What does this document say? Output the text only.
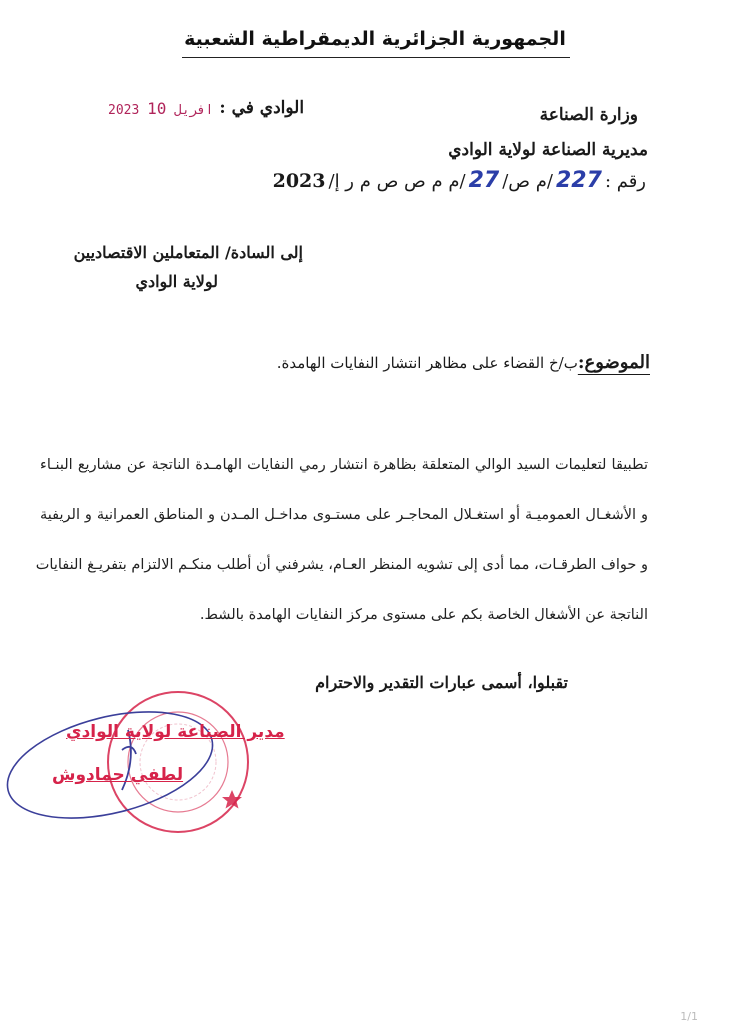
الجمهورية الجزائرية الديمقراطية الشعبية
وزارة الصناعة
مديرية الصناعة لولاية الوادي
2023	افريل 10	الوادي في :
رقم :
227
/م ص/
27
/م م ص ص م ر إ/
2023
إلى السادة/ المتعاملين الاقتصاديين
لولاية الوادي
الموضوع:
ب/خ القضاء على مظاهر انتشار النفايات الهامدة.
تطبيقا لتعليمات السيد الوالي المتعلقة بظاهرة انتشار رمي النفايات الهامـدة الناتجة عن مشاريع البنـاء
و الأشغـال العموميـة أو استغـلال المحاجـر على مستـوى مداخـل المـدن و المناطق العمرانية و الريفية
و حواف الطرقـات، مما أدى إلى تشويه المنظر العـام، يشرفني أن أطلب منكـم الالتزام بتفريـغ النفايات
الناتجة عن الأشغال الخاصة بكم على مستوى مركز النفايات الهامدة بالشط.
تقبلوا، أسمى عبارات التقدير والاحترام
مدير الصناعة لولاية الوادي
لطفي حمادوش
1/1
